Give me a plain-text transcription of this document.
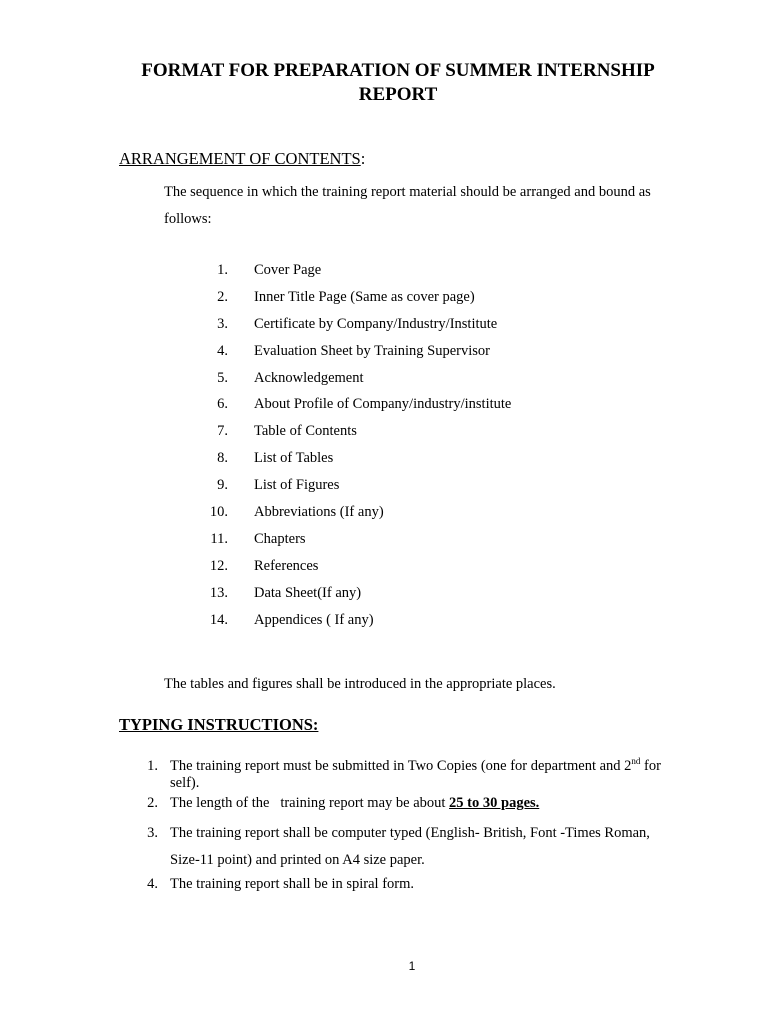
FORMAT FOR PREPARATION OF SUMMER INTERNSHIP
REPORT
ARRANGEMENT OF CONTENTS:
The sequence in which the training report material should be arranged and bound as follows:
1. Cover Page
2. Inner Title Page (Same as cover page)
3. Certificate by Company/Industry/Institute
4. Evaluation Sheet by Training Supervisor
5. Acknowledgement
6. About Profile of Company/industry/institute
7. Table of Contents
8. List of Tables
9. List of Figures
10. Abbreviations (If any)
11. Chapters
12. References
13. Data Sheet(If any)
14. Appendices ( If any)
The tables and figures shall be introduced in the appropriate places.
TYPING INSTRUCTIONS:
1. The training report must be submitted in Two Copies (one for department and 2nd for self).
2. The length of the   training report may be about 25 to 30 pages.
3. The training report shall be computer typed (English- British, Font -Times Roman, Size-11 point) and printed on A4 size paper.
4. The training report shall be in spiral form.
1
